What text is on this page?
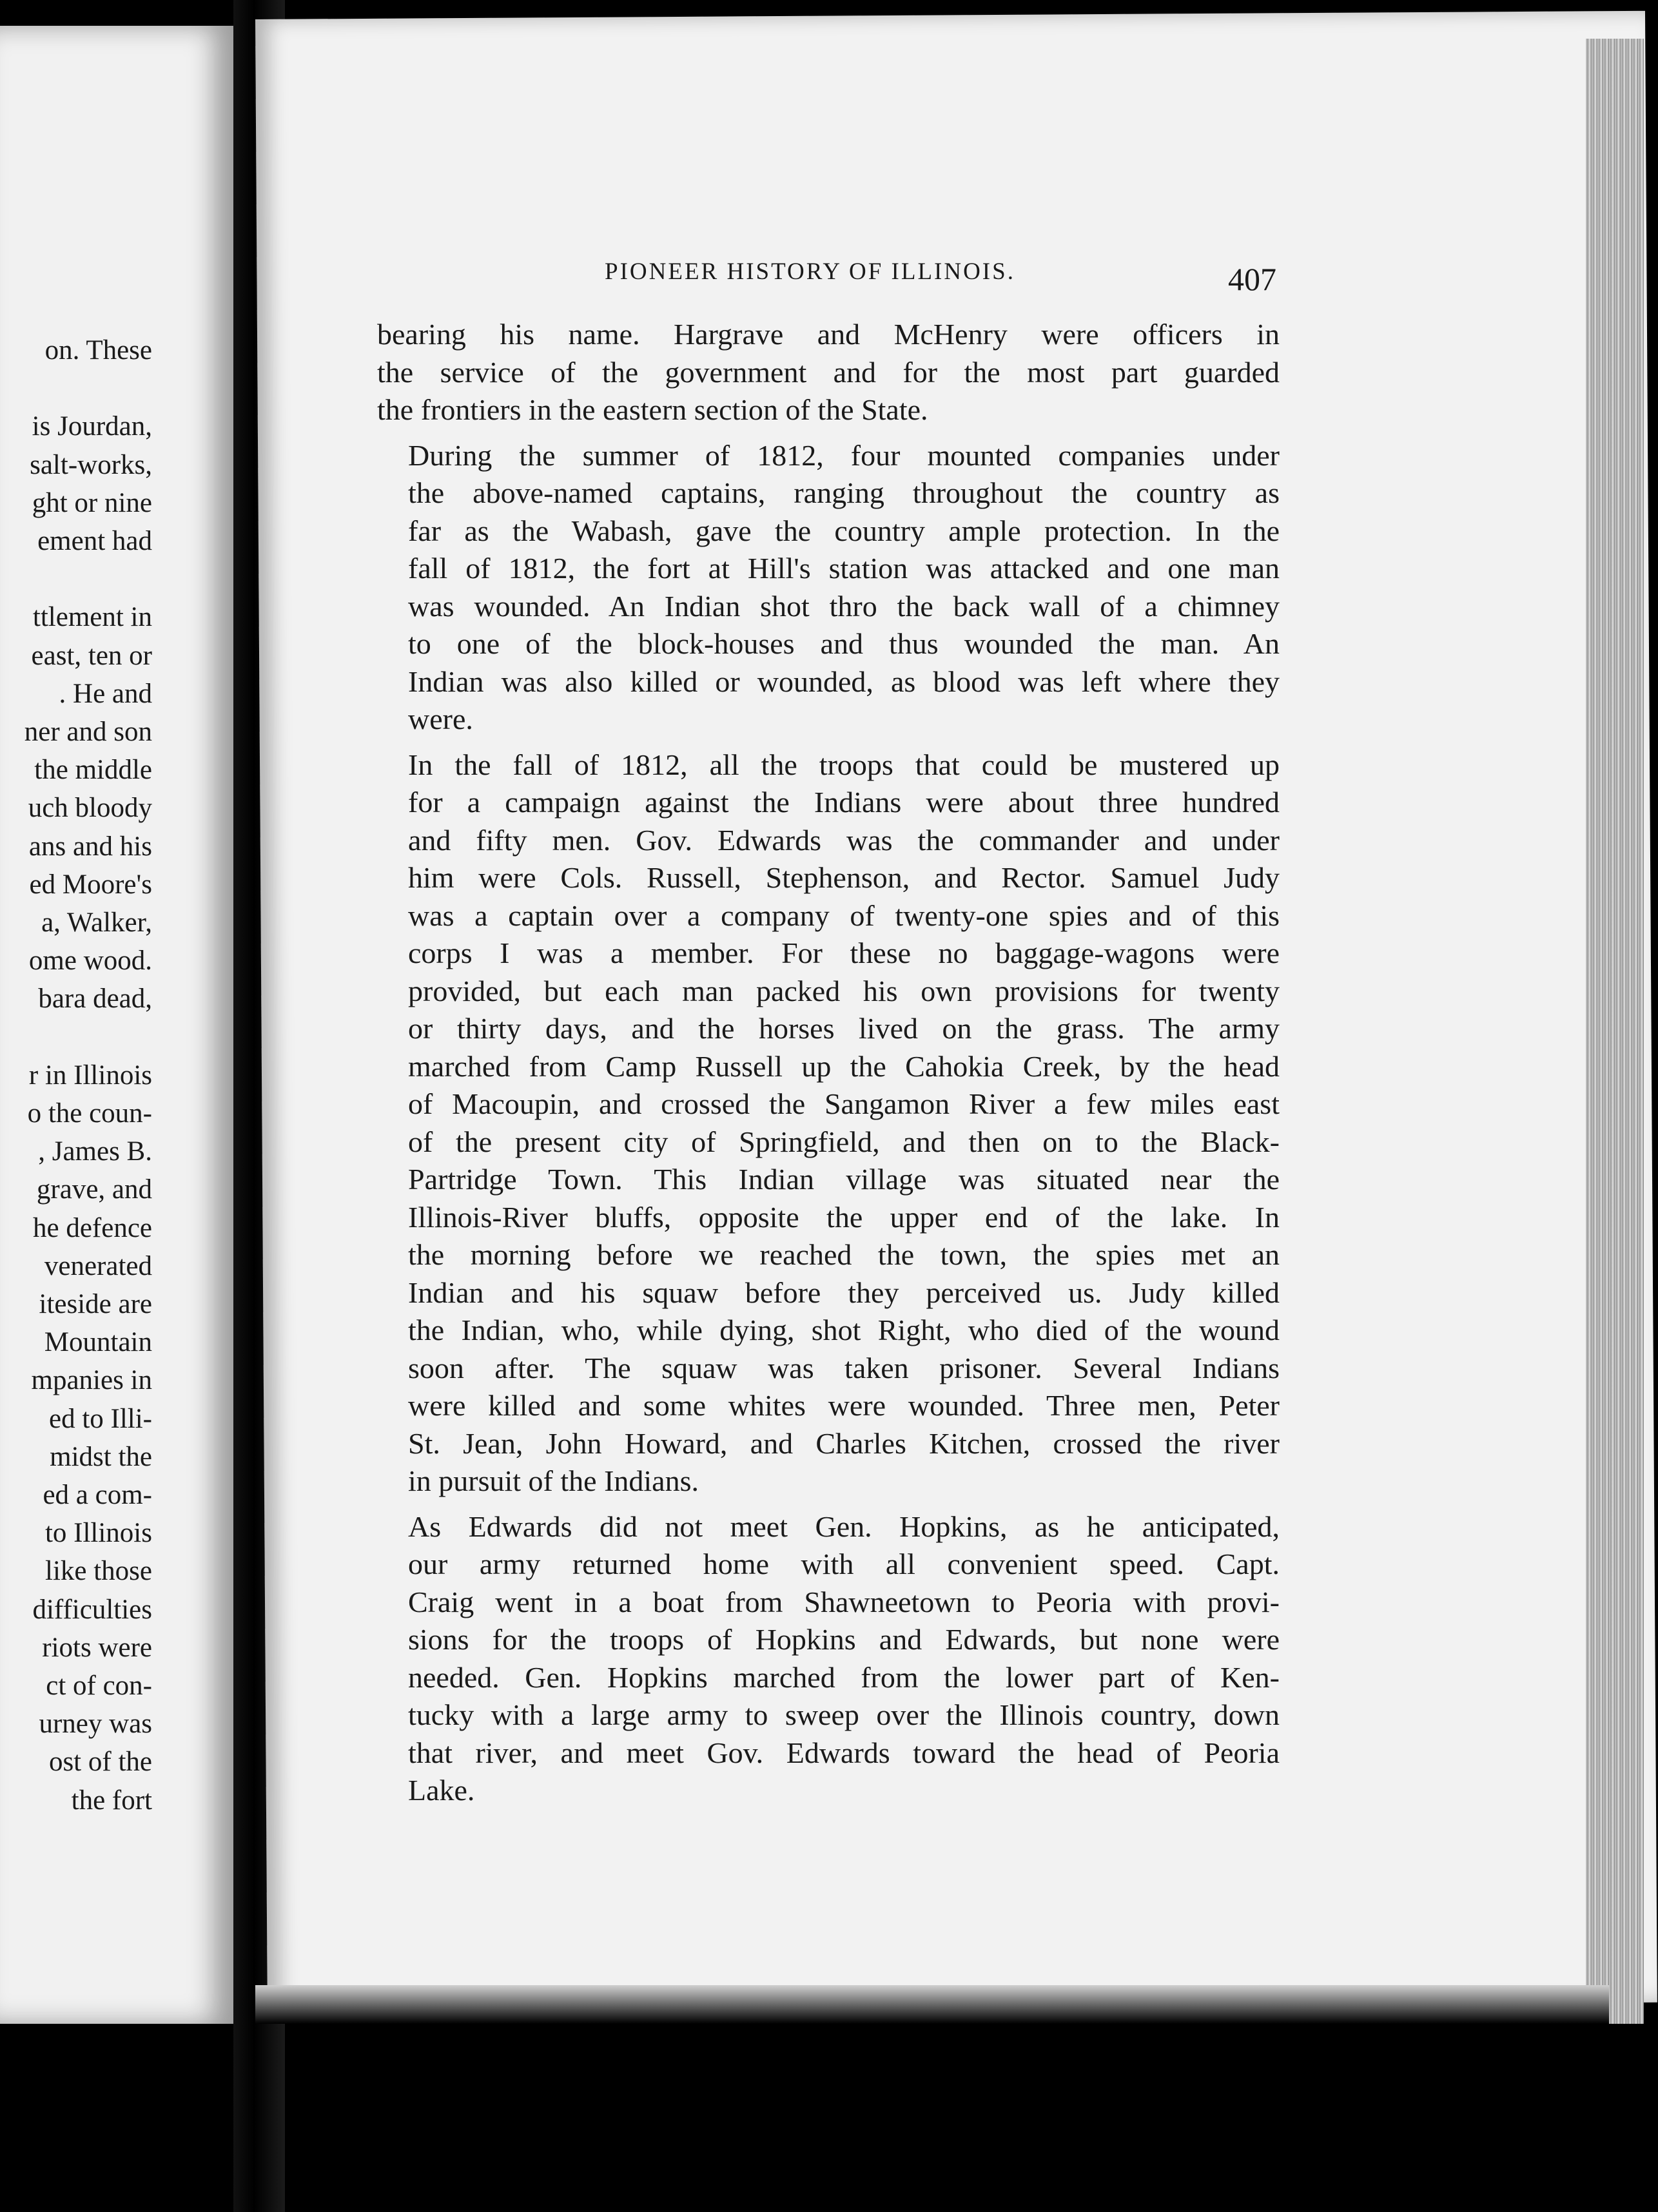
on. These
is Jourdan,
salt-works,
ght or nine
ement had
ttlement in
east, ten or
. He and
ner and son
the middle
uch bloody
ans and his
ed Moore's
a, Walker,
ome wood.
bara dead,
r in Illinois
o the coun-
, James B.
grave, and
he defence
venerated
iteside are
Mountain
mpanies in
ed to Illi-
midst the
ed a com-
to Illinois
like those
difficulties
riots were
ct of con-
urney was
ost of the
the fort
PIONEER HISTORY OF ILLINOIS.	407

bearing his name. Hargrave and McHenry were officers in
the service of the government and for the most part guarded
the frontiers in the eastern section of the State.

During the summer of 1812, four mounted companies under
the above-named captains, ranging throughout the country as
far as the Wabash, gave the country ample protection. In the
fall of 1812, the fort at Hill's station was attacked and one man
was wounded. An Indian shot thro the back wall of a chimney
to one of the block-houses and thus wounded the man. An
Indian was also killed or wounded, as blood was left where they
were.

In the fall of 1812, all the troops that could be mustered up
for a campaign against the Indians were about three hundred
and fifty men. Gov. Edwards was the commander and under
him were Cols. Russell, Stephenson, and Rector. Samuel Judy
was a captain over a company of twenty-one spies and of this
corps I was a member. For these no baggage-wagons were
provided, but each man packed his own provisions for twenty
or thirty days, and the horses lived on the grass. The army
marched from Camp Russell up the Cahokia Creek, by the head
of Macoupin, and crossed the Sangamon River a few miles east
of the present city of Springfield, and then on to the Black-
Partridge Town. This Indian village was situated near the
Illinois-River bluffs, opposite the upper end of the lake. In
the morning before we reached the town, the spies met an
Indian and his squaw before they perceived us. Judy killed
the Indian, who, while dying, shot Right, who died of the wound
soon after. The squaw was taken prisoner. Several Indians
were killed and some whites were wounded. Three men, Peter
St. Jean, John Howard, and Charles Kitchen, crossed the river
in pursuit of the Indians.

As Edwards did not meet Gen. Hopkins, as he anticipated,
our army returned home with all convenient speed. Capt.
Craig went in a boat from Shawneetown to Peoria with provi-
sions for the troops of Hopkins and Edwards, but none were
needed. Gen. Hopkins marched from the lower part of Ken-
tucky with a large army to sweep over the Illinois country, down
that river, and meet Gov. Edwards toward the head of Peoria
Lake.
